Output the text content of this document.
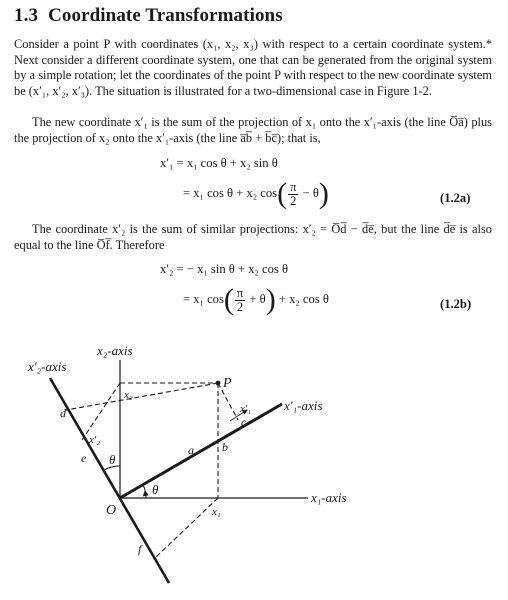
1.3 Coordinate Transformations

Consider a point P with coordinates (x₁, x₂, x₃) with respect to a certain coordinate system.* Next consider a different coordinate system, one that can be generated from the original system by a simple rotation; let the coordinates of the point P with respect to the new coordinate system be (x′₁, x′₂, x′₃). The situation is illustrated for a two-dimensional case in Figure 1-2.

The new coordinate x′₁ is the sum of the projection of x₁ onto the x′₁-axis (the line O̅a̅) plus the projection of x₂ onto the x′₁-axis (the line a̅b̅ + b̅c̅); that is,

x′₁ = x₁ cos θ + x₂ sin θ
= x₁ cos θ + x₂ $\cos( \frac{\pi}{2} - \theta)$	(1.2a)

The coordinate x′₂ is the sum of similar projections: x′₂ = O̅d̅ − d̅e̅, but the line d̅e̅ is also equal to the line O̅f̅. Therefore

x′₂ = − x₁ sin θ + x₂ cos θ
= x₁ $\cos( \frac{\pi}{2} + \theta) + x_2$ cos θ	(1.2b)
x₂-axis
x′₂-axis
x′₁-axis
x₁-axis
O
P
x₂
x₁
x′₁
x′₂
θ
θ
a b
c
d
e
f
